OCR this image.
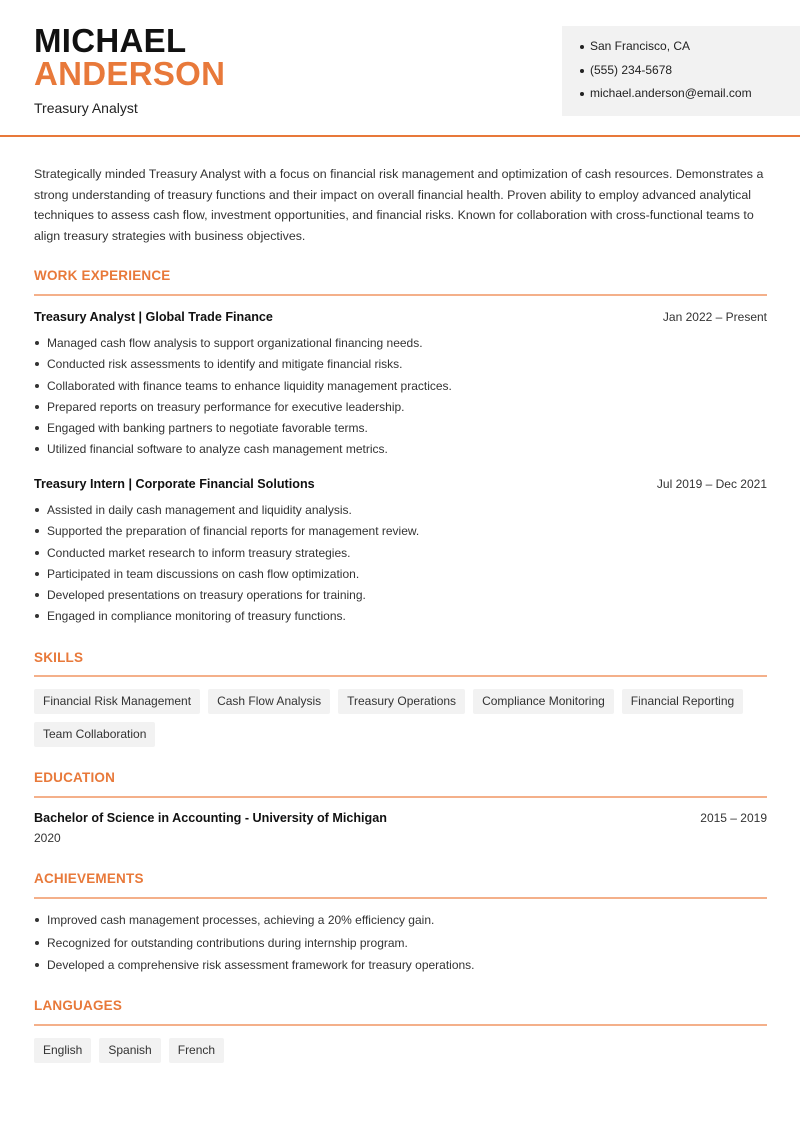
MICHAEL
ANDERSON
Treasury Analyst
San Francisco, CA
(555) 234-5678
michael.anderson@email.com
Strategically minded Treasury Analyst with a focus on financial risk management and optimization of cash resources. Demonstrates a strong understanding of treasury functions and their impact on overall financial health. Proven ability to employ advanced analytical techniques to assess cash flow, investment opportunities, and financial risks. Known for collaboration with cross-functional teams to align treasury strategies with business objectives.
WORK EXPERIENCE
Treasury Analyst | Global Trade Finance	Jan 2022 – Present
Managed cash flow analysis to support organizational financing needs.
Conducted risk assessments to identify and mitigate financial risks.
Collaborated with finance teams to enhance liquidity management practices.
Prepared reports on treasury performance for executive leadership.
Engaged with banking partners to negotiate favorable terms.
Utilized financial software to analyze cash management metrics.
Treasury Intern | Corporate Financial Solutions	Jul 2019 – Dec 2021
Assisted in daily cash management and liquidity analysis.
Supported the preparation of financial reports for management review.
Conducted market research to inform treasury strategies.
Participated in team discussions on cash flow optimization.
Developed presentations on treasury operations for training.
Engaged in compliance monitoring of treasury functions.
SKILLS
Financial Risk Management	Cash Flow Analysis	Treasury Operations	Compliance Monitoring	Financial Reporting
Team Collaboration
EDUCATION
Bachelor of Science in Accounting - University of Michigan	2015 – 2019
2020
ACHIEVEMENTS
Improved cash management processes, achieving a 20% efficiency gain.
Recognized for outstanding contributions during internship program.
Developed a comprehensive risk assessment framework for treasury operations.
LANGUAGES
English	Spanish	French
